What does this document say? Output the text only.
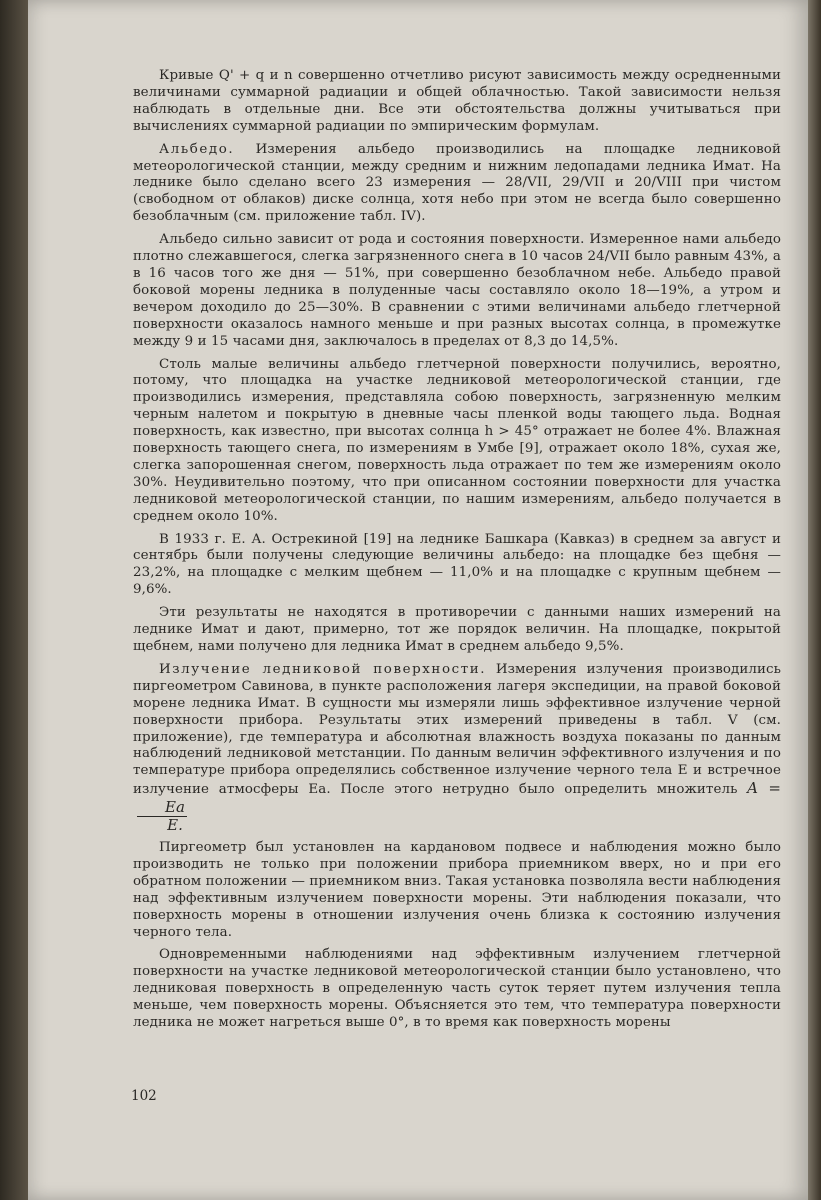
Кривые Q' + q и n совершенно отчетливо рисуют зависимость между осредненными величинами суммарной радиации и общей облачностью. Такой зависимости нельзя наблюдать в отдельные дни. Все эти обстоятельства должны учитываться при вычислениях суммарной радиации по эмпирическим формулам.

Альбедо. Измерения альбедо производились на площадке ледниковой метеорологической станции, между средним и нижним ледопадами ледника Имат. На леднике было сделано всего 23 измерения — 28/VII, 29/VII и 20/VIII при чистом (свободном от облаков) диске солнца, хотя небо при этом не всегда было совершенно безоблачным (см. приложение табл. IV).

Альбедо сильно зависит от рода и состояния поверхности. Измеренное нами альбедо плотно слежавшегося, слегка загрязненного снега в 10 часов 24/VII было равным 43%, а в 16 часов того же дня — 51%, при совершенно безоблачном небе. Альбедо правой боковой морены ледника в полуденные часы составляло около 18—19%, а утром и вечером доходило до 25—30%. В сравнении с этими величинами альбедо глетчерной поверхности оказалось намного меньше и при разных высотах солнца, в промежутке между 9 и 15 часами дня, заключалось в пределах от 8,3 до 14,5%.

Столь малые величины альбедо глетчерной поверхности получились, вероятно, потому, что площадка на участке ледниковой метеорологической станции, где производились измерения, представляла собою поверхность, загрязненную мелким черным налетом и покрытую в дневные часы пленкой воды тающего льда. Водная поверхность, как известно, при высотах солнца h > 45° отражает не более 4%. Влажная поверхность тающего снега, по измерениям в Умбе [9], отражает около 18%, сухая же, слегка запорошенная снегом, поверхность льда отражает по тем же измерениям около 30%. Неудивительно поэтому, что при описанном состоянии поверхности для участка ледниковой метеорологической станции, по нашим измерениям, альбедо получается в среднем около 10%.

В 1933 г. Е. А. Острекиной [19] на леднике Башкара (Кавказ) в среднем за август и сентябрь были получены следующие величины альбедо: на площадке без щебня — 23,2%, на площадке с мелким щебнем — 11,0% и на площадке с крупным щебнем — 9,6%.

Эти результаты не находятся в противоречии с данными наших измерений на леднике Имат и дают, примерно, тот же порядок величин. На площадке, покрытой щебнем, нами получено для ледника Имат в среднем альбедо 9,5%.

Излучение ледниковой поверхности. Измерения излучения производились пиргеометром Савинова, в пункте расположения лагеря экспедиции, на правой боковой морене ледника Имат. В сущности мы измеряли лишь эффективное излучение черной поверхности прибора. Результаты этих измерений приведены в табл. V (см. приложение), где температура и абсолютная влажность воздуха показаны по данным наблюдений ледниковой метстанции. По данным величин эффективного излучения и по температуре прибора определялись собственное излучение черного тела E и встречное излучение атмосферы Ea. После этого нетрудно было определить множитель A =
$\frac{Ea}{E.}$

Пиргеометр был установлен на кардановом подвесе и наблюдения можно было производить не только при положении прибора приемником вверх, но и при его обратном положении — приемником вниз. Такая установка позволяла вести наблюдения над эффективным излучением поверхности морены. Эти наблюдения показали, что поверхность морены в отношении излучения очень близка к состоянию излучения черного тела.

Одновременными наблюдениями над эффективным излучением глетчерной поверхности на участке ледниковой метеорологической станции было установлено, что ледниковая поверхность в определенную часть суток теряет путем излучения тепла меньше, чем поверхность морены. Объясняется это тем, что температура поверхности ледника не может нагреться выше 0°, в то время как поверхность морены

102
